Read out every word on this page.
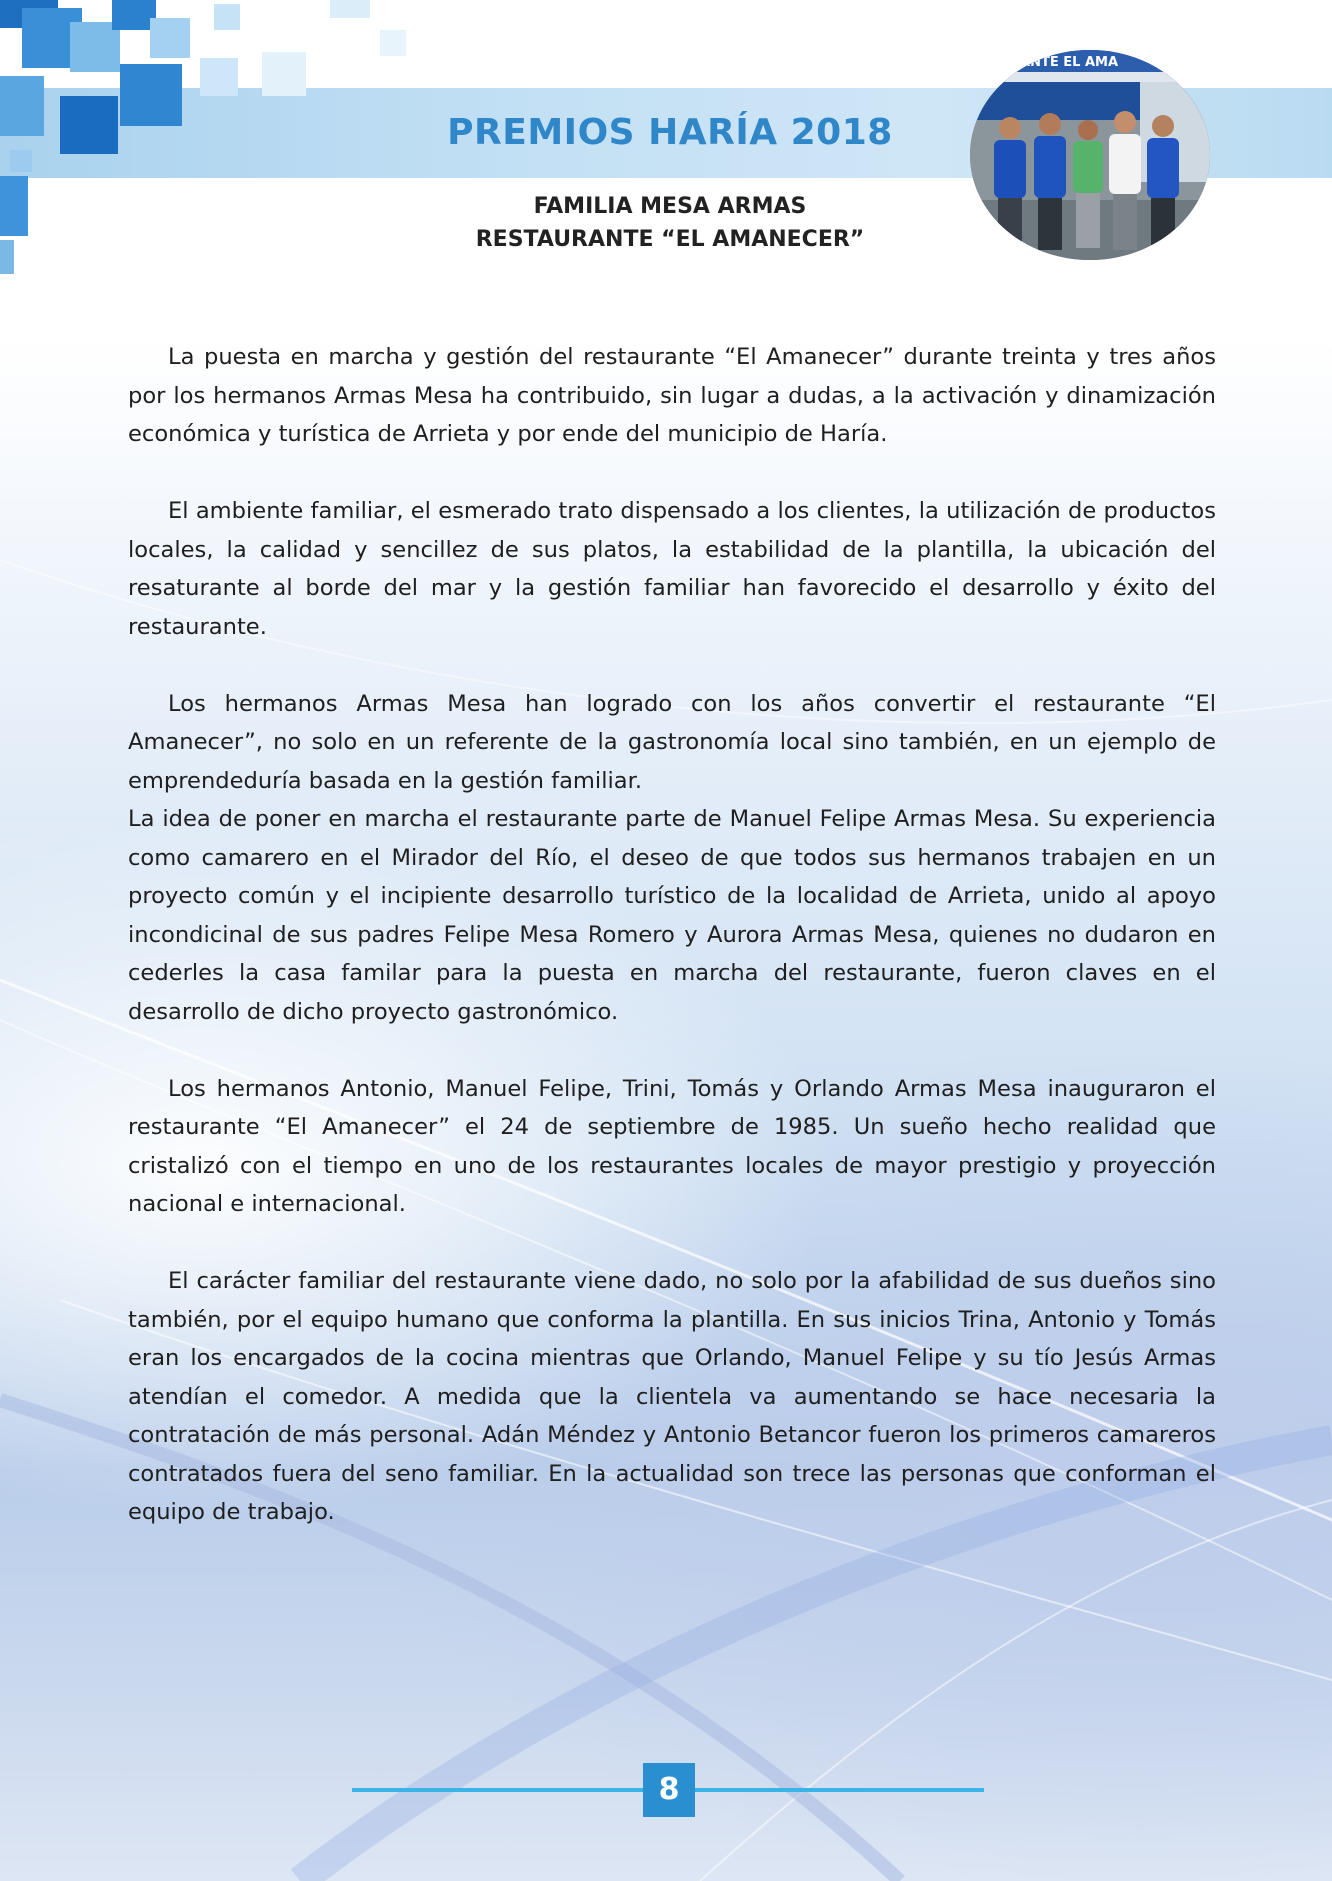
PREMIOS HARÍA 2018
FAMILIA MESA ARMAS
RESTAURANTE “EL AMANECER”
TAURANTE EL AMA

La puesta en marcha y gestión del restaurante “El Amanecer” durante treinta y tres años por los hermanos Armas Mesa ha contribuido, sin lugar a dudas, a la activación y dinamización económica y turística de Arrieta y por ende del municipio de Haría.

El ambiente familiar, el esmerado trato dispensado a los clientes, la utilización de productos locales, la calidad y sencillez de sus platos, la estabilidad de la plantilla, la ubicación del resaturante al borde del mar y la gestión familiar han favorecido el desarrollo y éxito del restaurante.

Los hermanos Armas Mesa han logrado con los años convertir el restaurante “El Amanecer”, no solo en un referente de la gastronomía local sino también, en un ejemplo de emprendeduría basada en la gestión familiar.

La idea de poner en marcha el restaurante parte de Manuel Felipe Armas Mesa. Su experiencia como camarero en el Mirador del Río, el deseo de que todos sus hermanos trabajen en un proyecto común y el incipiente desarrollo turístico de la localidad de Arrieta, unido al apoyo incondicinal de sus padres Felipe Mesa Romero y Aurora Armas Mesa, quienes no dudaron en cederles la casa familar para la puesta en marcha del restaurante, fueron claves en el desarrollo de dicho proyecto gastronómico.

Los hermanos Antonio, Manuel Felipe, Trini, Tomás y Orlando Armas Mesa inauguraron el restaurante “El Amanecer” el 24 de septiembre de 1985. Un sueño hecho realidad que cristalizó con el tiempo en uno de los restaurantes locales de mayor prestigio y proyección nacional e internacional.

El carácter familiar del restaurante viene dado, no solo por la afabilidad de sus dueños sino también, por el equipo humano que conforma la plantilla. En sus inicios Trina, Antonio y Tomás eran los encargados de la cocina mientras que Orlando, Manuel Felipe y su tío Jesús Armas atendían el comedor. A medida que la clientela va aumentando se hace necesaria la contratación de más personal. Adán Méndez y Antonio Betancor fueron los primeros camareros contratados fuera del seno familiar. En la actualidad son trece las personas que conforman el equipo de trabajo.

8
